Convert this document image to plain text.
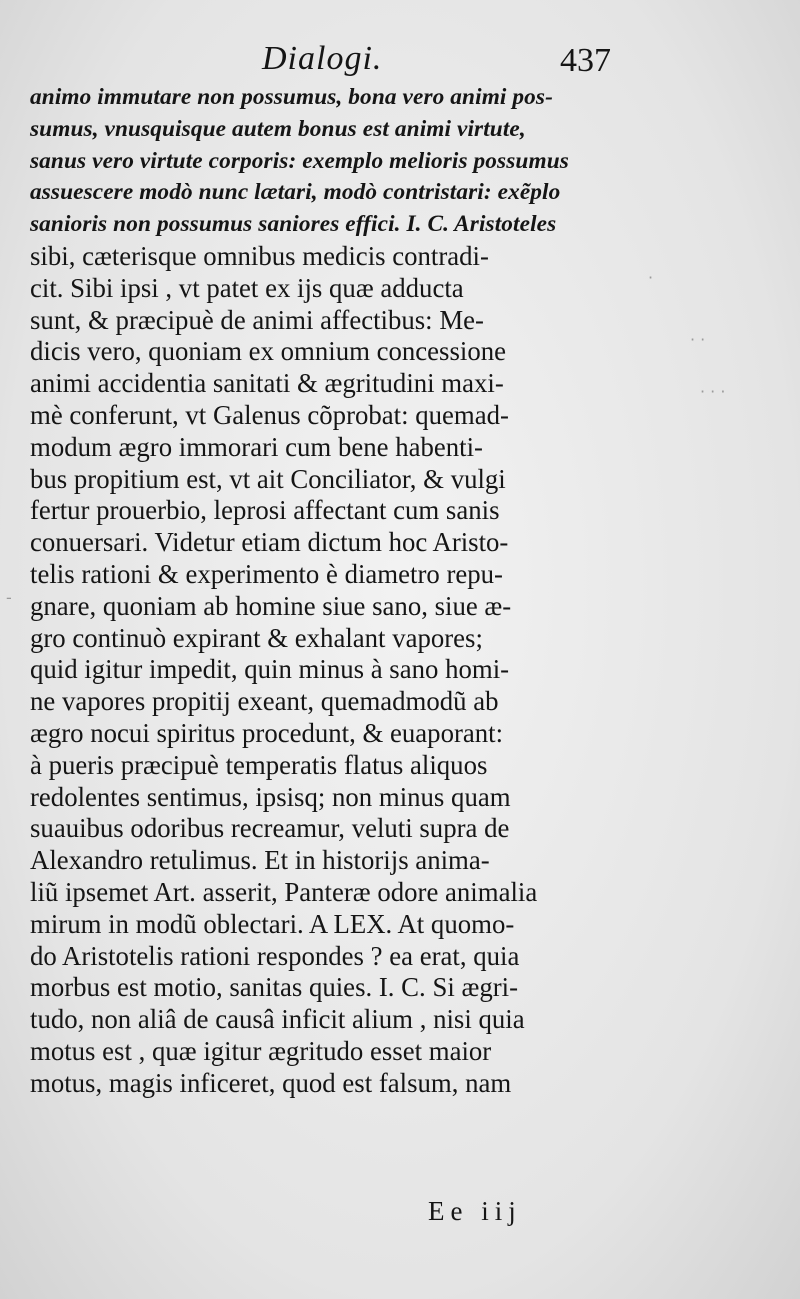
Dialogi.	437
animo immutare non possumus, bona vero animi pos-
sumus, vnusquisque autem bonus est animi virtute,
sanus vero virtute corporis: exemplo melioris possumus
assuescere modò nunc lætari, modò contristari: exẽplo
sanioris non possumus saniores effici. I. C. Aristoteles
sibi, cæterisque omnibus medicis contradi-
cit. Sibi ipsi , vt patet ex ijs quæ adducta
sunt, & præcipuè de animi affectibus: Me-
dicis vero, quoniam ex omnium concessione
animi accidentia sanitati & ægritudini maxi-
mè conferunt, vt Galenus cõprobat: quemad-
modum ægro immorari cum bene habenti-
bus propitium est, vt ait Conciliator, & vulgi
fertur prouerbio, leprosi affectant cum sanis
conuersari. Videtur etiam dictum hoc Aristo-
telis rationi & experimento è diametro repu-
gnare, quoniam ab homine siue sano, siue æ-
gro continuò expirant & exhalant vapores;
quid igitur impedit, quin minus à sano homi-
ne vapores propitij exeant, quemadmodũ ab
ægro nocui spiritus procedunt, & euaporant:
à pueris præcipuè temperatis flatus aliquos
redolentes sentimus, ipsisq; non minus quam
suauibus odoribus recreamur, veluti supra de
Alexandro retulimus. Et in historijs anima-
liũ ipsemet Art. asserit, Panteræ odore animalia
mirum in modũ oblectari. A LEX. At quomo-
do Aristotelis rationi respondes ? ea erat, quia
morbus est motio, sanitas quies. I. C. Si ægri-
tudo, non aliâ de causâ inficit alium , nisi quia
motus est , quæ igitur ægritudo esset maior
motus, magis inficeret, quod est falsum, nam
Ee iij
·
· ·
· · ·
-
